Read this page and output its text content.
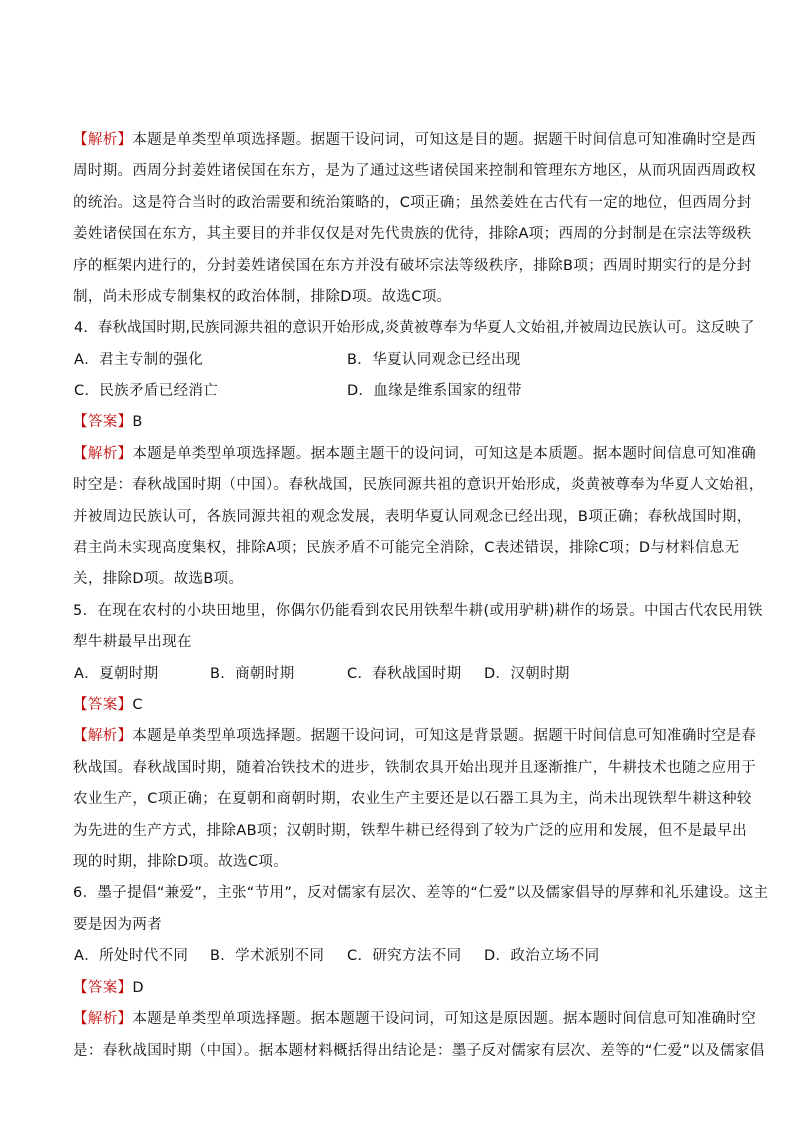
【解析】本题是单类型单项选择题。据题干设问词，可知这是目的题。据题干时间信息可知准确时空是西
周时期。西周分封姜姓诸侯国在东方，是为了通过这些诸侯国来控制和管理东方地区，从而巩固西周政权
的统治。这是符合当时的政治需要和统治策略的，C项正确；虽然姜姓在古代有一定的地位，但西周分封
姜姓诸侯国在东方，其主要目的并非仅仅是对先代贵族的优待，排除A项；西周的分封制是在宗法等级秩
序的框架内进行的，分封姜姓诸侯国在东方并没有破坏宗法等级秩序，排除B项；西周时期实行的是分封
制，尚未形成专制集权的政治体制，排除D项。故选C项。
4．春秋战国时期,民族同源共祖的意识开始形成,炎黄被尊奉为华夏人文始祖,并被周边民族认可。这反映了
A．君主专制的强化	B．华夏认同观念已经出现
C．民族矛盾已经消亡	D．血缘是维系国家的纽带
【答案】B
【解析】本题是单类型单项选择题。据本题主题干的设问词，可知这是本质题。据本题时间信息可知准确
时空是：春秋战国时期（中国）。春秋战国，民族同源共祖的意识开始形成，炎黄被尊奉为华夏人文始祖，
并被周边民族认可，各族同源共祖的观念发展，表明华夏认同观念已经出现，B项正确；春秋战国时期，
君主尚未实现高度集权，排除A项；民族矛盾不可能完全消除，C表述错误，排除C项；D与材料信息无
关，排除D项。故选B项。
5．在现在农村的小块田地里，你偶尔仍能看到农民用铁犁牛耕(或用驴耕)耕作的场景。中国古代农民用铁
犁牛耕最早出现在
A．夏朝时期	B．商朝时期	C．春秋战国时期 D．汉朝时期
【答案】C
【解析】本题是单类型单项选择题。据题干设问词，可知这是背景题。据题干时间信息可知准确时空是春
秋战国。春秋战国时期，随着冶铁技术的进步，铁制农具开始出现并且逐渐推广，牛耕技术也随之应用于
农业生产，C项正确；在夏朝和商朝时期，农业生产主要还是以石器工具为主，尚未出现铁犁牛耕这种较
为先进的生产方式，排除AB项；汉朝时期，铁犁牛耕已经得到了较为广泛的应用和发展，但不是最早出
现的时期，排除D项。故选C项。
6．墨子提倡“兼爱”，主张“节用”，反对儒家有层次、差等的“仁爱”以及儒家倡导的厚葬和礼乐建设。这主
要是因为两者
A．所处时代不同 B．学术派别不同 C．研究方法不同 D．政治立场不同
【答案】D
【解析】本题是单类型单项选择题。据本题题干设问词，可知这是原因题。据本题时间信息可知准确时空
是：春秋战国时期（中国）。据本题材料概括得出结论是：墨子反对儒家有层次、差等的“仁爱”以及儒家倡
